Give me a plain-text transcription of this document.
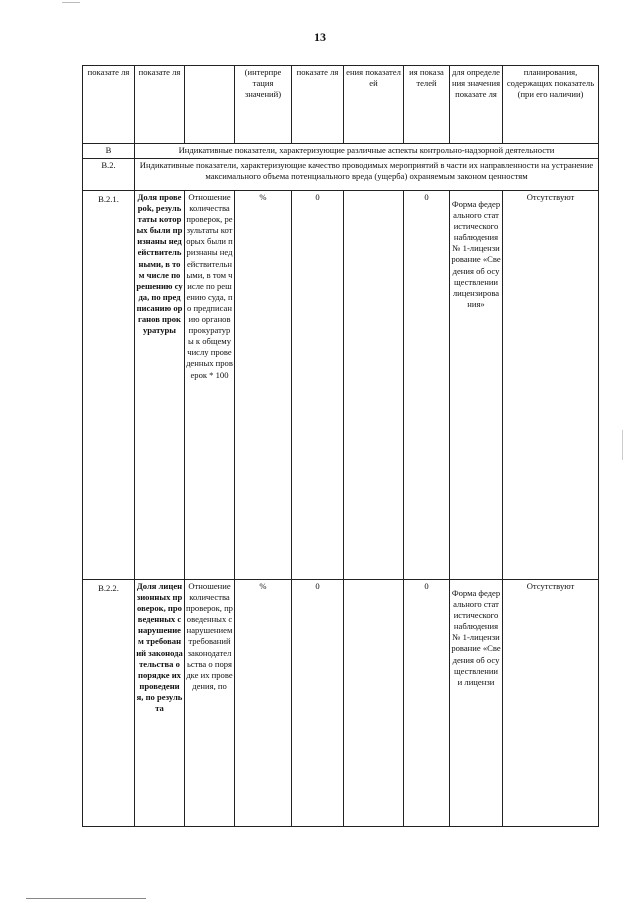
13
показате ля	показате ля		(интерпре тация значений)	показате ля	ения показател ей	ия показа телей	для определе ния значения показате ля	планирования, содержащих показатель (при его наличии)
В	Индикативные показатели, характеризующие различные аспекты контрольно-надзорной деятельности							
В.2.	Индикативные показатели, характеризующие качество проводимых мероприятий в части их направленности на устранение максимального объема потенциального вреда (ущерба) охраняемым законом ценностям							
В.2.1.	Доля провероk, результаты которых были признаны недействительными, в том числе по решению суда, по предписанию органов прокуратуры	Отношение количества проверок, результаты которых были признаны недействительными, в том числе по решению суда, по предписанию органов прокуратуры к общему числу проведенных проверок * 100	%	0		0	Форма федерального статистического наблюдения № 1-лицензирование «Сведения об осуществлении лицензирования»	Отсутствуют
В.2.2.	Доля лицензионных проверок, проведенных с нарушением требований законодательства о порядке их проведения, по результа	Отношение количества проверок, проведенных с нарушением требований законодательства о порядке их проведения, по	%	0		0	Форма федерального статистического наблюдения № 1-лицензирование «Сведения об осуществлении и лицензи	Отсутствуют
